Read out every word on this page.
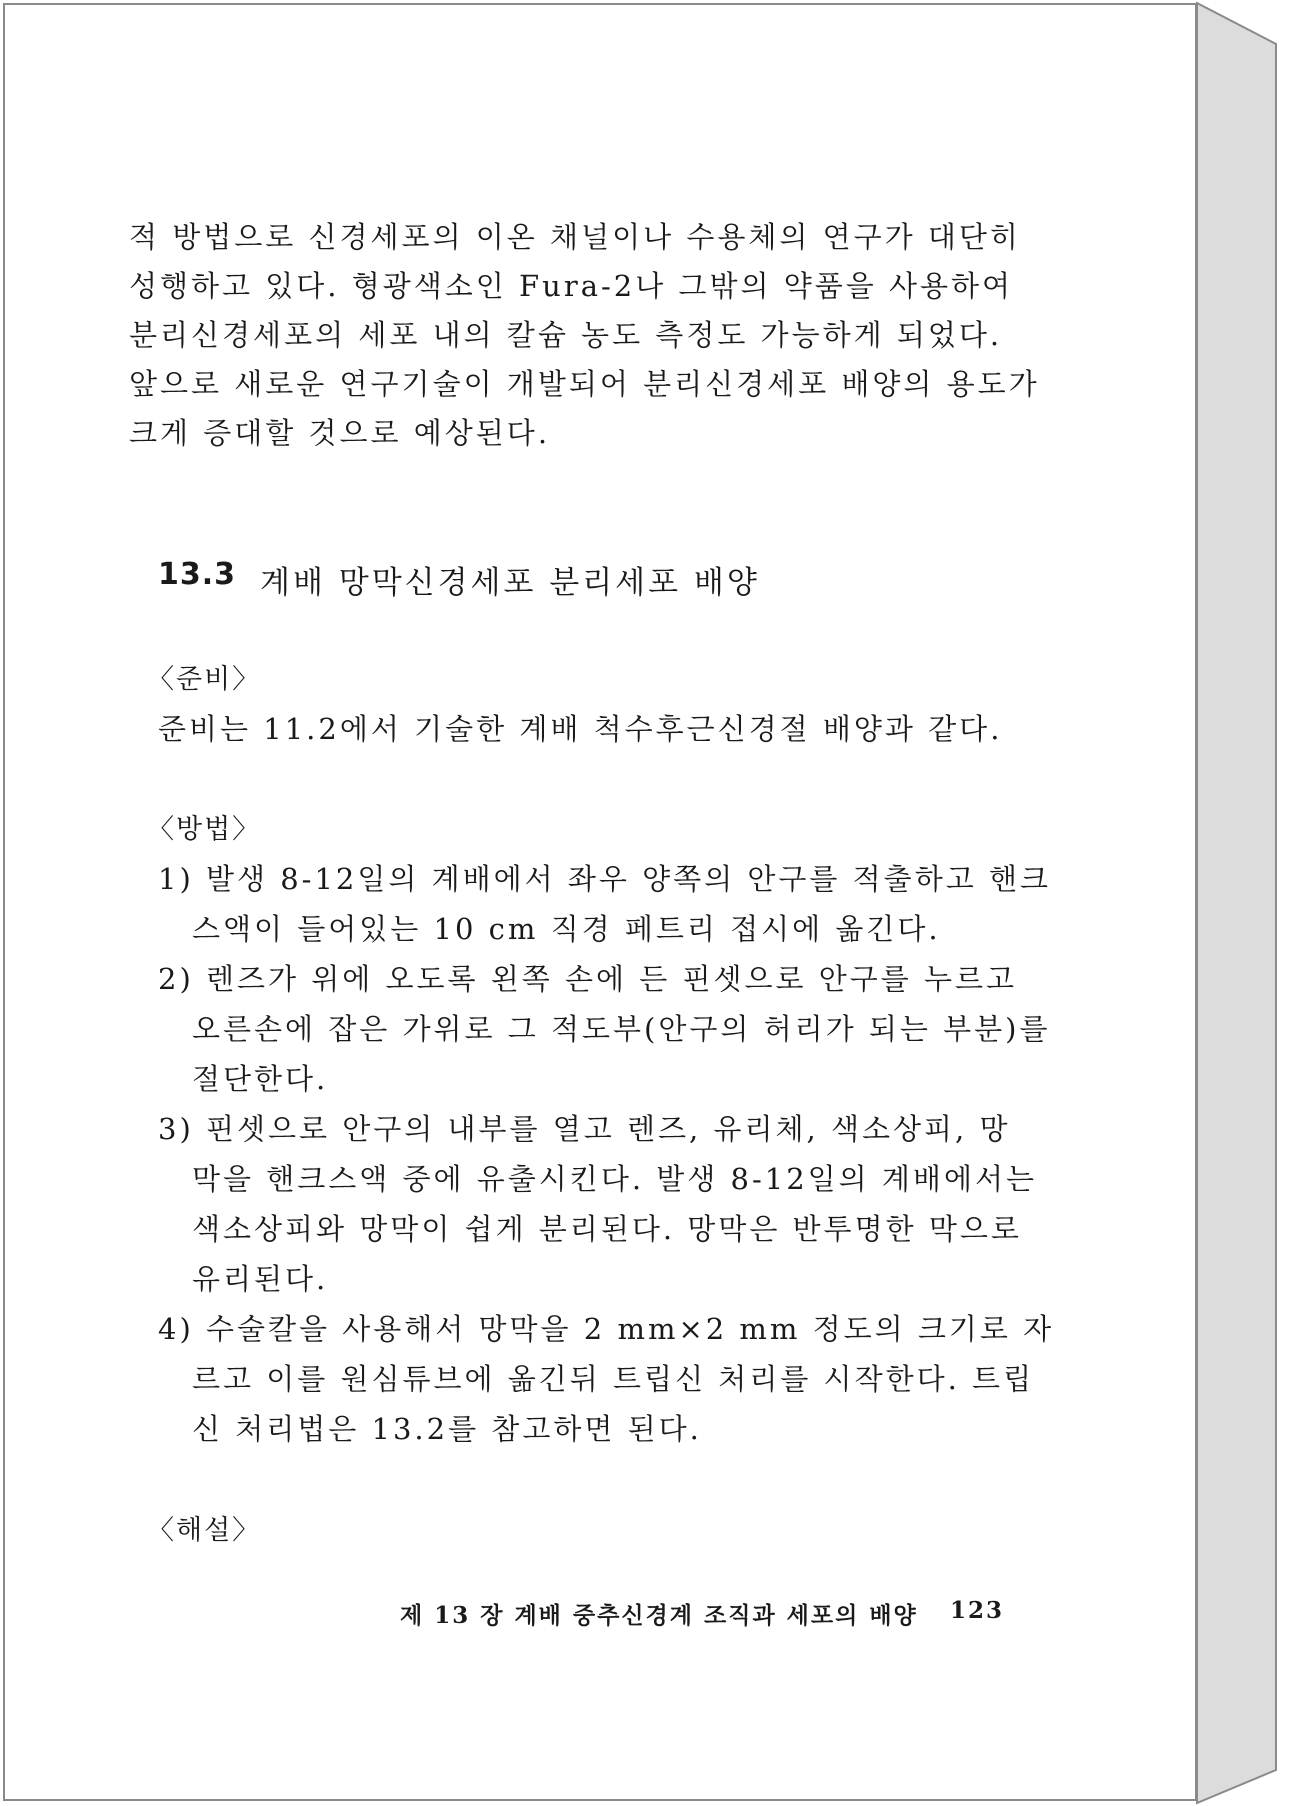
적 방법으로 신경세포의 이온 채널이나 수용체의 연구가 대단히
성행하고 있다. 형광색소인 Fura-2나 그밖의 약품을 사용하여
분리신경세포의 세포 내의 칼슘 농도 측정도 가능하게 되었다.
앞으로 새로운 연구기술이 개발되어 분리신경세포 배양의 용도가
크게 증대할 것으로 예상된다.
13.3 계배 망막신경세포 분리세포 배양
〈준비〉
준비는 11.2에서 기술한 계배 척수후근신경절 배양과 같다.
〈방법〉
1) 발생 8-12일의 계배에서 좌우 양쪽의 안구를 적출하고 핸크
스액이 들어있는 10 cm 직경 페트리 접시에 옮긴다.
2) 렌즈가 위에 오도록 왼쪽 손에 든 핀셋으로 안구를 누르고
오른손에 잡은 가위로 그 적도부(안구의 허리가 되는 부분)를
절단한다.
3) 핀셋으로 안구의 내부를 열고 렌즈, 유리체, 색소상피, 망
막을 핸크스액 중에 유출시킨다. 발생 8-12일의 계배에서는
색소상피와 망막이 쉽게 분리된다. 망막은 반투명한 막으로
유리된다.
4) 수술칼을 사용해서 망막을 2 mm×2 mm 정도의 크기로 자
르고 이를 원심튜브에 옮긴뒤 트립신 처리를 시작한다. 트립
신 처리법은 13.2를 참고하면 된다.
〈해설〉
제 13 장 계배 중추신경계 조직과 세포의 배양 123
